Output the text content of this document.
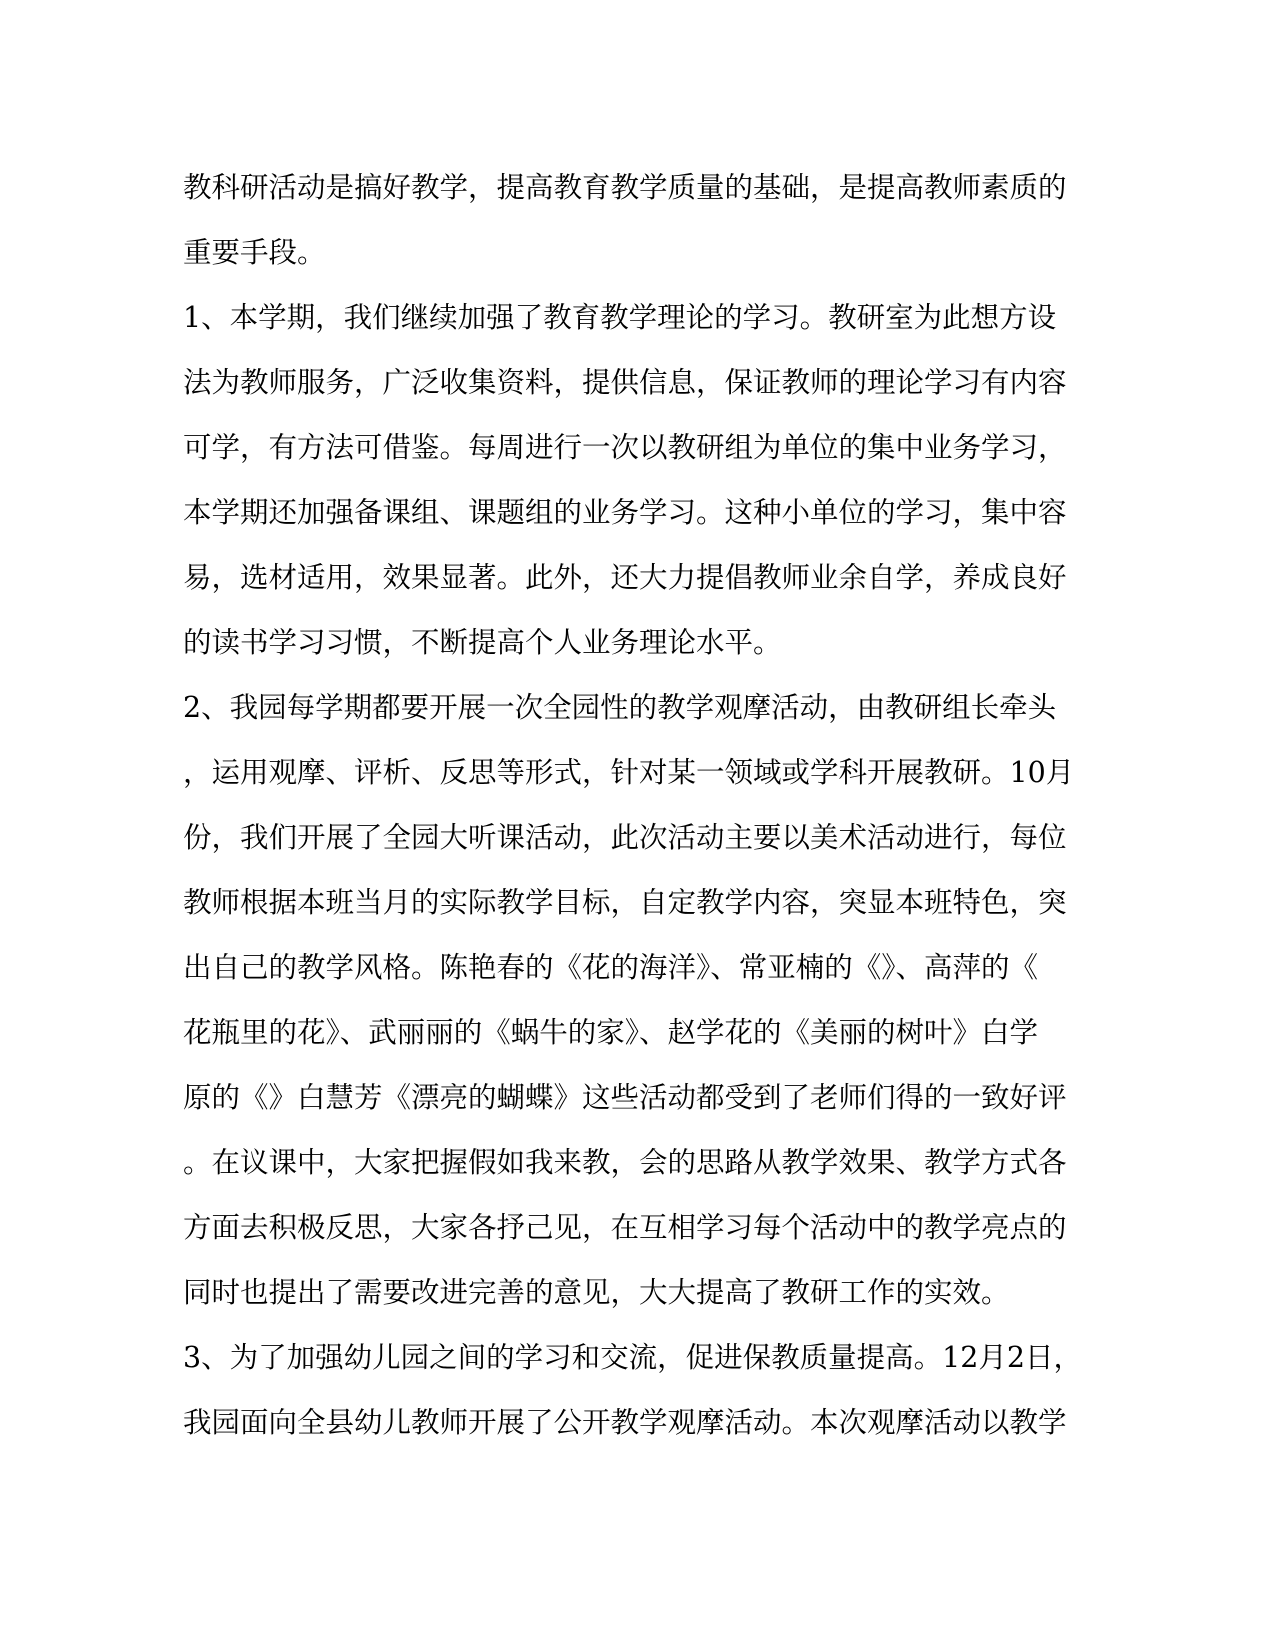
教科研活动是搞好教学，提高教育教学质量的基础，是提高教师素质的
重要手段。
1、本学期，我们继续加强了教育教学理论的学习。教研室为此想方设
法为教师服务，广泛收集资料，提供信息，保证教师的理论学习有内容
可学，有方法可借鉴。每周进行一次以教研组为单位的集中业务学习，
本学期还加强备课组、课题组的业务学习。这种小单位的学习，集中容
易，选材适用，效果显著。此外，还大力提倡教师业余自学，养成良好
的读书学习习惯，不断提高个人业务理论水平。
2、我园每学期都要开展一次全园性的教学观摩活动，由教研组长牵头
，运用观摩、评析、反思等形式，针对某一领域或学科开展教研。10月
份，我们开展了全园大听课活动，此次活动主要以美术活动进行，每位
教师根据本班当月的实际教学目标，自定教学内容，突显本班特色，突
出自己的教学风格。陈艳春的《花的海洋》、常亚楠的《》、高萍的《
花瓶里的花》、武丽丽的《蜗牛的家》、赵学花的《美丽的树叶》白学
原的《》白慧芳《漂亮的蝴蝶》这些活动都受到了老师们得的一致好评
。在议课中，大家把握假如我来教，会的思路从教学效果、教学方式各
方面去积极反思，大家各抒己见，在互相学习每个活动中的教学亮点的
同时也提出了需要改进完善的意见，大大提高了教研工作的实效。
3、为了加强幼儿园之间的学习和交流，促进保教质量提高。12月2日，
我园面向全县幼儿教师开展了公开教学观摩活动。本次观摩活动以教学
